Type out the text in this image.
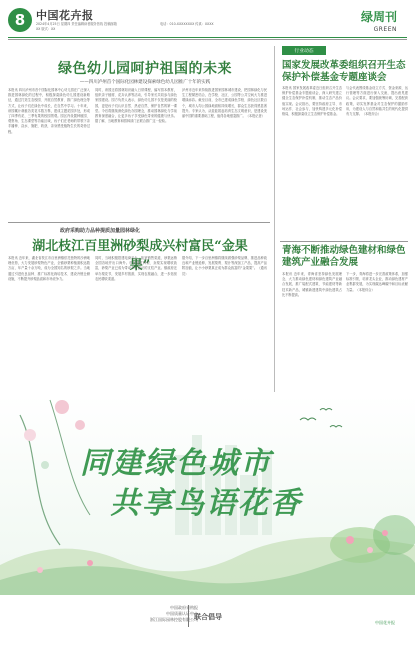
8 中国花卉报
2024年4月25日 星期四 责任编辑：XX 版式：XX
读者服务热线 投稿邮箱	电话：010-XXXXXXXX 传真：XXXX	绿周刊
GREEN
绿色幼儿园呵护祖国的未来
——四川泸州首个国际化园林建设探索绿色幼儿园推广十年的实践
本报讯 四川泸州市首个国际化园林中心幼儿园在广泛深入推进园林绿化的过程中，积极探索绿色幼儿园建设新路径，通过打造生态校园、开展自然教育、推广绿色理念等方式，让孩子们在绿色中成长，在自然中学习。十年来，该园累计栽植各类花木数万株，建成主题花园多处，形成了四季有花、三季有果的校园景观。园区内设置种植园、观察角、生态课堂等功能区域，孩子们在老师的带领下亲手播种、浇水、施肥、收获，亲身感受植物生长的奇妙过程。
同时，该园还将园林知识融入日常课程，编写园本教材，组织亲子植树、花卉认养等活动，引导家长共同参与绿色家园建设。园方负责人表示，绿色幼儿园不仅是美丽的校园，更是孩子们认识自然、热爱自然、保护自然的第一课堂。今后将继续深化绿色办园理念，推动园林绿化与学前教育深度融合，让更多孩子享受绿色带来的健康与快乐。据了解，当地教育和园林部门正联合推广这一经验。
泸州市近年来持续推进国家园林城市建设，把园林绿化与民生工程紧密结合，在学校、社区、公园等公共空间大力推进增绿添彩。截至目前，全市已建成绿色学校、绿色社区数百个，城市人均公园绿地面积持续增长，群众生态获得感显著提升。专家认为，从娃娃抓起培育生态文明意识，是建设美丽中国的重要基础工程，值得各地借鉴推广。（本报记者）
政府采购助力品种提质加量园林绿化
湖北枝江百里洲砂梨成兴村富民“金果果”
本报讯 近年来，湖北省枝江市百里洲镇依托独特的沙洲地理优势，大力发展砂梨特色产业，全镇砂梨种植面积达数万亩，年产量十余万吨，成为全国知名的砂梨之乡。当地通过引进优良品种、推广标准化栽培技术、建设冷链仓储设施，不断提升砂梨品质和市场竞争力。
同时，当地积极搭建电商平台，拓宽销售渠道，砂梨远销全国各地并出口海外。村民通过种梨、卖梨实现增收致富，砂梨产业已成为带动乡村振兴的支柱产业。镇政府还举办梨花节，发展乡村旅游，实现农旅融合，进一步拓宽农民增收渠道。
据介绍，下一步百里洲镇将继续做强砂梨品牌，推进品种改良和产业链延伸，发展梨膏、梨汁等深加工产品，提高产品附加值，让小小砂梨真正成为群众致富的“金果果”。（通讯员）
行业动态
国家发展改革委组织召开生态保护补偿基金专题座谈会
本报讯 国家发展改革委近日组织召开生态保护补偿基金专题座谈会，深入研究建立健全生态保护补偿机制，推动生态产品价值实现。会议指出，要坚持政府主导、市场运作、社会参与，加快构建多元化补偿格局，积极探索设立生态保护补偿基金。
与会代表围绕基金设立方式、资金来源、运行管理等方面进行深入交流，提出意见建议。会议要求，要加强统筹协调，完善配套政策，切实发挥基金对生态保护的激励作用，为建设人与自然和谐共生的现代化提供有力支撑。（本报综合）
青海不断推动绿色建材和绿色建筑产业融合发展
本报讯 近年来，青海省坚持绿色发展理念，大力推动绿色建材和绿色建筑产业融合发展，推广装配式建筑、节能建材等新技术新产品，城镇新建建筑中绿色建筑占比不断提高。
下一步，青海将进一步完善政策体系，加强标准引领，培育龙头企业，推动绿色建材产业集群发展，为实现碳达峰碳中和目标贡献力量。（本报综合）
同建绿色城市
共享鸟语花香
中国政府采购报
中国质量认证中心
浙江国际园林控股有限公司
联合倡导
中国花卉报
